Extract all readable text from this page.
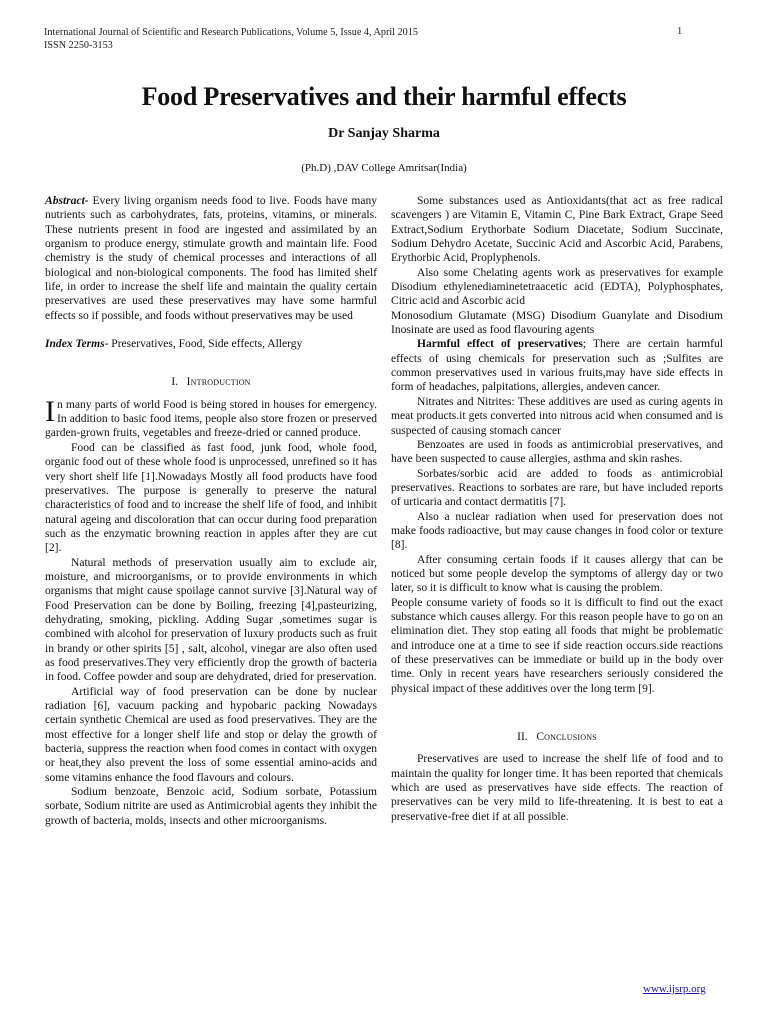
International Journal of Scientific and Research Publications, Volume 5, Issue 4, April 2015
ISSN 2250-3153
1
Food Preservatives and their harmful effects
Dr Sanjay Sharma
(Ph.D) ,DAV College Amritsar(India)

Abstract- Every living organism needs food to live. Foods have many nutrients such as carbohydrates, fats, proteins, vitamins, or minerals. These nutrients present in food are ingested and assimilated by an organism to produce energy, stimulate growth and maintain life. Food chemistry is the study of chemical processes and interactions of all biological and non-biological components. The food has limited shelf life, in order to increase the shelf life and maintain the quality certain preservatives are used these preservatives may have some harmful effects so if possible, and foods without preservatives may be used

Index Terms- Preservatives, Food, Side effects, Allergy

I. Introduction

In many parts of world Food is being stored in houses for emergency. In addition to basic food items, people also store frozen or preserved garden-grown fruits, vegetables and freeze-dried or canned produce.

Food can be classified as fast food, junk food, whole food, organic food out of these whole food is unprocessed, unrefined so it has very short shelf life [1].Nowadays Mostly all food products have food preservatives. The purpose is generally to preserve the natural characteristics of food and to increase the shelf life of food, and inhibit natural ageing and discoloration that can occur during food preparation such as the enzymatic browning reaction in apples after they are cut [2].

Natural methods of preservation usually aim to exclude air, moisture, and microorganisms, or to provide environments in which organisms that might cause spoilage cannot survive [3].Natural way of Food Preservation can be done by Boiling, freezing [4],pasteurizing, dehydrating, smoking, pickling. Adding Sugar ,sometimes sugar is combined with alcohol for preservation of luxury products such as fruit in brandy or other spirits [5] , salt, alcohol, vinegar are also often used as food preservatives.They very efficiently drop the growth of bacteria in food. Coffee powder and soup are dehydrated, dried for preservation.

Artificial way of food preservation can be done by nuclear radiation [6], vacuum packing and hypobaric packing Nowadays certain synthetic Chemical are used as food preservatives. They are the most effective for a longer shelf life and stop or delay the growth of bacteria, suppress the reaction when food comes in contact with oxygen or heat,they also prevent the loss of some essential amino-acids and some vitamins enhance the food flavours and colours.

Sodium benzoate, Benzoic acid, Sodium sorbate, Potassium sorbate, Sodium nitrite are used as Antimicrobial agents they inhibit the growth of bacteria, molds, insects and other microorganisms.

Some substances used as Antioxidants(that act as free radical scavengers ) are Vitamin E, Vitamin C, Pine Bark Extract, Grape Seed Extract,Sodium Erythorbate Sodium Diacetate, Sodium Succinate, Sodium Dehydro Acetate, Succinic Acid and Ascorbic Acid, Parabens, Erythorbic Acid, Proplyphenols.

Also some Chelating agents work as preservatives for example Disodium ethylenediaminetetraacetic acid (EDTA), Polyphosphates, Citric acid and Ascorbic acid

Monosodium Glutamate (MSG) Disodium Guanylate and Disodium Inosinate are used as food flavouring agents

Harmful effect of preservatives; There are certain harmful effects of using chemicals for preservation such as ;Sulfites are common preservatives used in various fruits,may have side effects in form of headaches, palpitations, allergies, andeven cancer.

Nitrates and Nitrites: These additives are used as curing agents in meat products.it gets converted into nitrous acid when consumed and is suspected of causing stomach cancer

Benzoates are used in foods as antimicrobial preservatives, and have been suspected to cause allergies, asthma and skin rashes.

Sorbates/sorbic acid are added to foods as antimicrobial preservatives. Reactions to sorbates are rare, but have included reports of urticaria and contact dermatitis [7].

Also a nuclear radiation when used for preservation does not make foods radioactive, but may cause changes in food color or texture [8].

After consuming certain foods if it causes allergy that can be noticed but some people develop the symptoms of allergy day or two later, so it is difficult to know what is causing the problem.

People consume variety of foods so it is difficult to find out the exact substance which causes allergy. For this reason people have to go on an elimination diet. They stop eating all foods that might be problematic and introduce one at a time to see if side reaction occurs.side reactions of these preservatives can be immediate or build up in the body over time. Only in recent years have researchers seriously considered the physical impact of these additives over the long term [9].

II. Conclusions

Preservatives are used to increase the shelf life of food and to maintain the quality for longer time. It has been reported that chemicals which are used as preservatives have side effects. The reaction of preservatives can be very mild to life-threatening. It is best to eat a preservative-free diet if at all possible.

www.ijsrp.org
